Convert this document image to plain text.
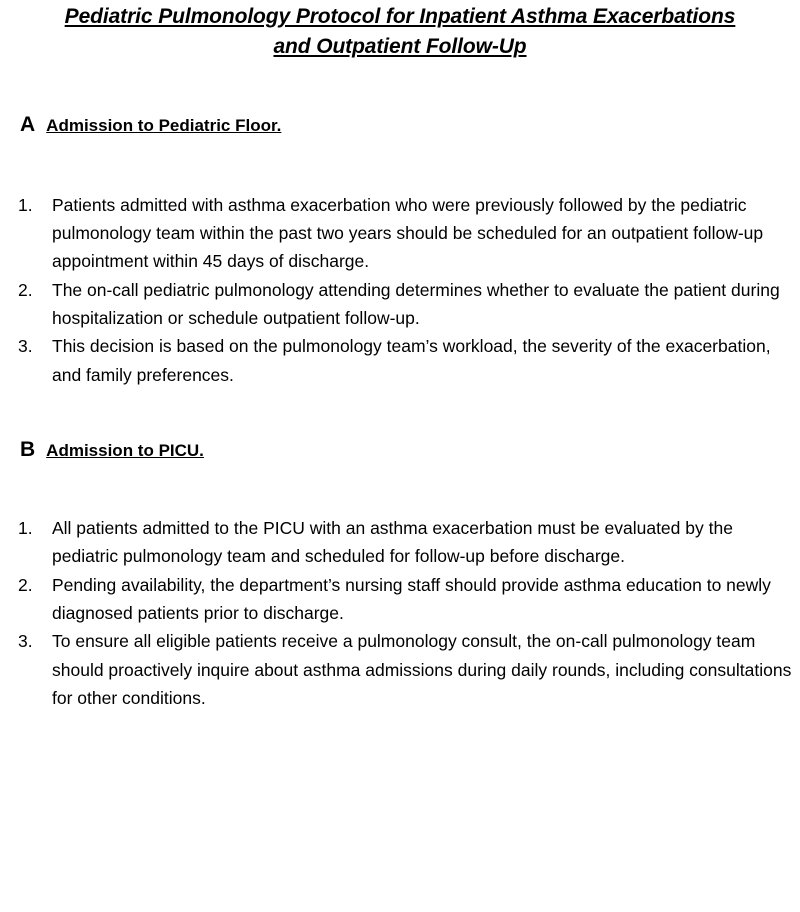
Pediatric Pulmonology Protocol for Inpatient Asthma Exacerbations
and Outpatient Follow-Up
A Admission to Pediatric Floor.
1.	Patients admitted with asthma exacerbation who were previously followed by the pediatric pulmonology team within the past two years should be scheduled for an outpatient follow-up appointment within 45 days of discharge.
2.	The on-call pediatric pulmonology attending determines whether to evaluate the patient during hospitalization or schedule outpatient follow-up.
3.	This decision is based on the pulmonology team’s workload, the severity of the exacerbation, and family preferences.
B Admission to PICU.
1.	All patients admitted to the PICU with an asthma exacerbation must be evaluated by the pediatric pulmonology team and scheduled for follow-up before discharge.
2.	Pending availability, the department’s nursing staff should provide asthma education to newly diagnosed patients prior to discharge.
3.	To ensure all eligible patients receive a pulmonology consult, the on-call pulmonology team should proactively inquire about asthma admissions during daily rounds, including consultations for other conditions.
